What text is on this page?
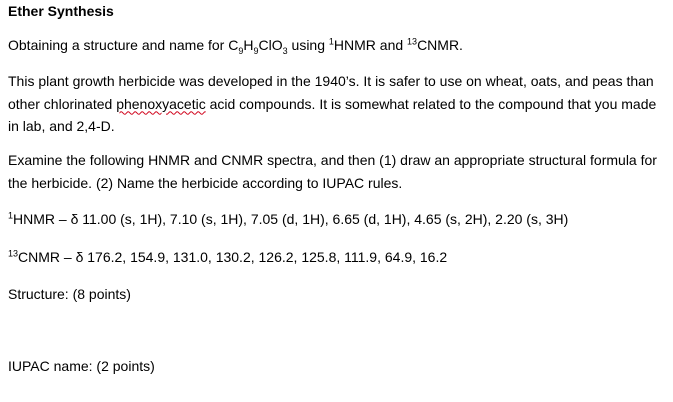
Ether Synthesis
Obtaining a structure and name for $C_9H_9ClO_3$ using $^1$HNMR and $^{13}$CNMR.
This plant growth herbicide was developed in the 1940’s. It is safer to use on wheat, oats, and peas than other chlorinated phenoxyacetic acid compounds. It is somewhat related to the compound that you made in lab, and 2,4-D.
Examine the following HNMR and CNMR spectra, and then (1) draw an appropriate structural formula for the herbicide. (2) Name the herbicide according to IUPAC rules.
$^1$HNMR – δ 11.00 (s, 1H), 7.10 (s, 1H), 7.05 (d, 1H), 6.65 (d, 1H), 4.65 (s, 2H), 2.20 (s, 3H)
$^{13}$CNMR – δ 176.2, 154.9, 131.0, 130.2, 126.2, 125.8, 111.9, 64.9, 16.2
Structure: (8 points)
IUPAC name: (2 points)
